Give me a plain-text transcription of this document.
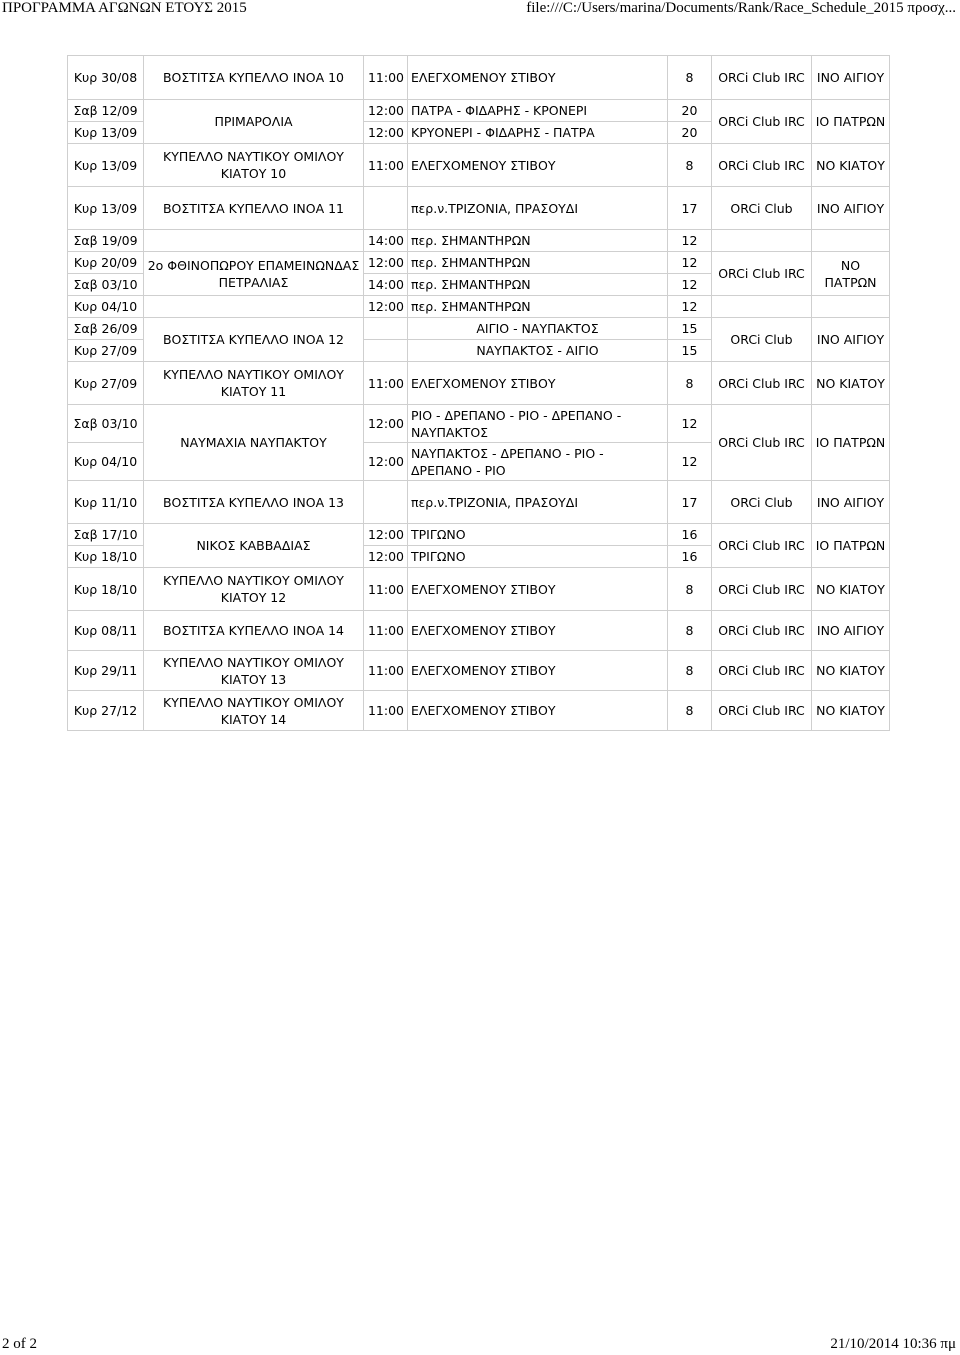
ΠΡΟΓΡΑΜΜΑ ΑΓΩΝΩΝ ΕΤΟΥΣ 2015	file:///C:/Users/marina/Documents/Rank/Race_Schedule_2015 προσχ...
Κυρ 30/08	ΒΟΣΤΙΤΣΑ ΚΥΠΕΛΛΟ ΙΝΟΑ 10	11:00	ΕΛΕΓΧΟΜΕΝΟΥ ΣΤΙΒΟΥ	8	ORCi Club IRC	ΙΝΟ ΑΙΓΙΟΥ
Σαβ 12/09	ΠΡΙΜΑΡΟΛΙΑ	12:00	ΠΑΤΡΑ - ΦΙΔΑΡΗΣ - ΚΡΟΝΕΡΙ	20	ORCi Club IRC	ΙΟ ΠΑΤΡΩΝ
Κυρ 13/09		12:00	ΚΡΥΟΝΕΡΙ - ΦΙΔΑΡΗΣ - ΠΑΤΡΑ	20		
Κυρ 13/09	ΚΥΠΕΛΛΟ ΝΑΥΤΙΚΟΥ ΟΜΙΛΟΥ ΚΙΑΤΟΥ 10	11:00	ΕΛΕΓΧΟΜΕΝΟΥ ΣΤΙΒΟΥ	8	ORCi Club IRC	ΝΟ ΚΙΑΤΟΥ
Κυρ 13/09	ΒΟΣΤΙΤΣΑ ΚΥΠΕΛΛΟ ΙΝΟΑ 11		περ.ν.ΤΡΙΖΟΝΙΑ, ΠΡΑΣΟΥΔΙ	17	ORCi Club	ΙΝΟ ΑΙΓΙΟΥ
Σαβ 19/09		14:00	περ. ΣΗΜΑΝΤΗΡΩΝ	12		
Κυρ 20/09	2ο ΦΘΙΝΟΠΩΡΟΥ ΕΠΑΜΕΙΝΩΝΔΑΣ ΠΕΤΡΑΛΙΑΣ	12:00	περ. ΣΗΜΑΝΤΗΡΩΝ	12	ORCi Club IRC	ΝΟ ΠΑΤΡΩΝ
Σαβ 03/10		14:00	περ. ΣΗΜΑΝΤΗΡΩΝ	12		
Κυρ 04/10		12:00	περ. ΣΗΜΑΝΤΗΡΩΝ	12		
Σαβ 26/09	ΒΟΣΤΙΤΣΑ ΚΥΠΕΛΛΟ ΙΝΟΑ 12		ΑΙΓΙΟ - ΝΑΥΠΑΚΤΟΣ	15	ORCi Club	ΙΝΟ ΑΙΓΙΟΥ
Κυρ 27/09			ΝΑΥΠΑΚΤΟΣ - ΑΙΓΙΟ	15		
Κυρ 27/09	ΚΥΠΕΛΛΟ ΝΑΥΤΙΚΟΥ ΟΜΙΛΟΥ ΚΙΑΤΟΥ 11	11:00	ΕΛΕΓΧΟΜΕΝΟΥ ΣΤΙΒΟΥ	8	ORCi Club IRC	ΝΟ ΚΙΑΤΟΥ
Σαβ 03/10	ΝΑΥΜΑΧΙΑ ΝΑΥΠΑΚΤΟΥ	12:00	ΡΙΟ - ΔΡΕΠΑΝΟ - ΡΙΟ - ΔΡΕΠΑΝΟ - ΝΑΥΠΑΚΤΟΣ	12	ORCi Club IRC	ΙΟ ΠΑΤΡΩΝ
Κυρ 04/10		12:00	ΝΑΥΠΑΚΤΟΣ - ΔΡΕΠΑΝΟ - ΡΙΟ - ΔΡΕΠΑΝΟ - ΡΙΟ	12		
Κυρ 11/10	ΒΟΣΤΙΤΣΑ ΚΥΠΕΛΛΟ ΙΝΟΑ 13		περ.ν.ΤΡΙΖΟΝΙΑ, ΠΡΑΣΟΥΔΙ	17	ORCi Club	ΙΝΟ ΑΙΓΙΟΥ
Σαβ 17/10	ΝΙΚΟΣ ΚΑΒΒΑΔΙΑΣ	12:00	ΤΡΙΓΩΝΟ	16	ORCi Club IRC	ΙΟ ΠΑΤΡΩΝ
Κυρ 18/10		12:00	ΤΡΙΓΩΝΟ	16		
Κυρ 18/10	ΚΥΠΕΛΛΟ ΝΑΥΤΙΚΟΥ ΟΜΙΛΟΥ ΚΙΑΤΟΥ 12	11:00	ΕΛΕΓΧΟΜΕΝΟΥ ΣΤΙΒΟΥ	8	ORCi Club IRC	ΝΟ ΚΙΑΤΟΥ
Κυρ 08/11	ΒΟΣΤΙΤΣΑ ΚΥΠΕΛΛΟ ΙΝΟΑ 14	11:00	ΕΛΕΓΧΟΜΕΝΟΥ ΣΤΙΒΟΥ	8	ORCi Club IRC	ΙΝΟ ΑΙΓΙΟΥ
Κυρ 29/11	ΚΥΠΕΛΛΟ ΝΑΥΤΙΚΟΥ ΟΜΙΛΟΥ ΚΙΑΤΟΥ 13	11:00	ΕΛΕΓΧΟΜΕΝΟΥ ΣΤΙΒΟΥ	8	ORCi Club IRC	ΝΟ ΚΙΑΤΟΥ
Κυρ 27/12	ΚΥΠΕΛΛΟ ΝΑΥΤΙΚΟΥ ΟΜΙΛΟΥ ΚΙΑΤΟΥ 14	11:00	ΕΛΕΓΧΟΜΕΝΟΥ ΣΤΙΒΟΥ	8	ORCi Club IRC	ΝΟ ΚΙΑΤΟΥ
2 of 2	21/10/2014 10:36 πμ
